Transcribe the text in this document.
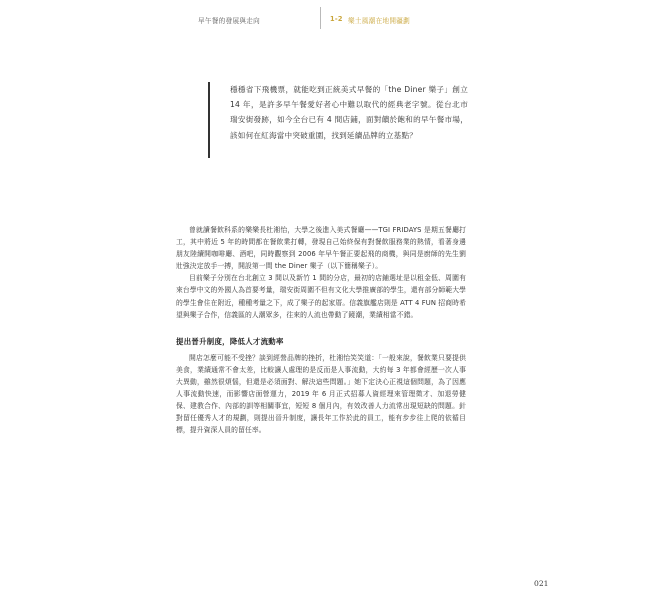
早午餐的發展與走向	1-2 樂土風潮在地開疆劃

穩穩省下飛機票，就能吃到正統美式早餐的「the Diner 樂子」創立 14 年，是許多早午餐愛好者心中難以取代的經典老字號。從台北市瑞安街發跡，如今全台已有 4 間店鋪，面對饋於飽和的早午餐市場，該如何在紅海當中突破重圍，找到延續品牌的立基點？

曾就讀餐飲科系的樂樂長杜湘怡，大學之後進入美式餐廳——TGI FRIDAYS 是期五餐廳打工，其中將近 5 年的時間都在餐飲業打轉，發現自己始終保有對餐飲服務業的熱情，看著身邊朋友陸續開咖啡廳、酒吧，同時觀察到 2006 年早午餐正要起飛的商機，與同是廚師的先生劉壯強決定放手一搏，開設第一間 the Diner 樂子（以下簡稱樂子）。

目前樂子分別在台北創立 3 間以及新竹 1 間的分店，最初的店鋪選址是以租金低、周圍有來台學中文的外國人為首要考量，瑞安街周圍不但有文化大學推廣部的學生，還有部分師範大學的學生會住在附近，種種考量之下，成了樂子的起家厝。信義旗艦店則是 ATT 4 FUN 招商時希望與樂子合作，信義區的人潮眾多，往來的人流也帶動了鏡潮，業績相當不錯。

提出晉升制度，降低人才流動率

開店怎麼可能不受挫？談到經營品牌的挫折，杜湘怡笑笑道：「一般來說，餐飲業只要提供美食，業績通常不會太差，比較讓人處理的是反而是人事流動，大約每 3 年都會經歷一次人事大異動，雖然很煩惱，但還是必須面對、解決這些問題。」她下定決心正視這個問題，為了因應人事流動快速，而影響店面營運力，2019 年 6 月正式招募人資經理來管理徵才、加退勞健保、建教合作、內部的訓等相關事宜，短短 8 個月內，有效改善人力流常出現短缺的問題。針對留任優秀人才的規劃，則提出晉升制度，讓長年工作於此的員工，能有步步往上爬的依循目標，提升資深人員的留任率。

021
